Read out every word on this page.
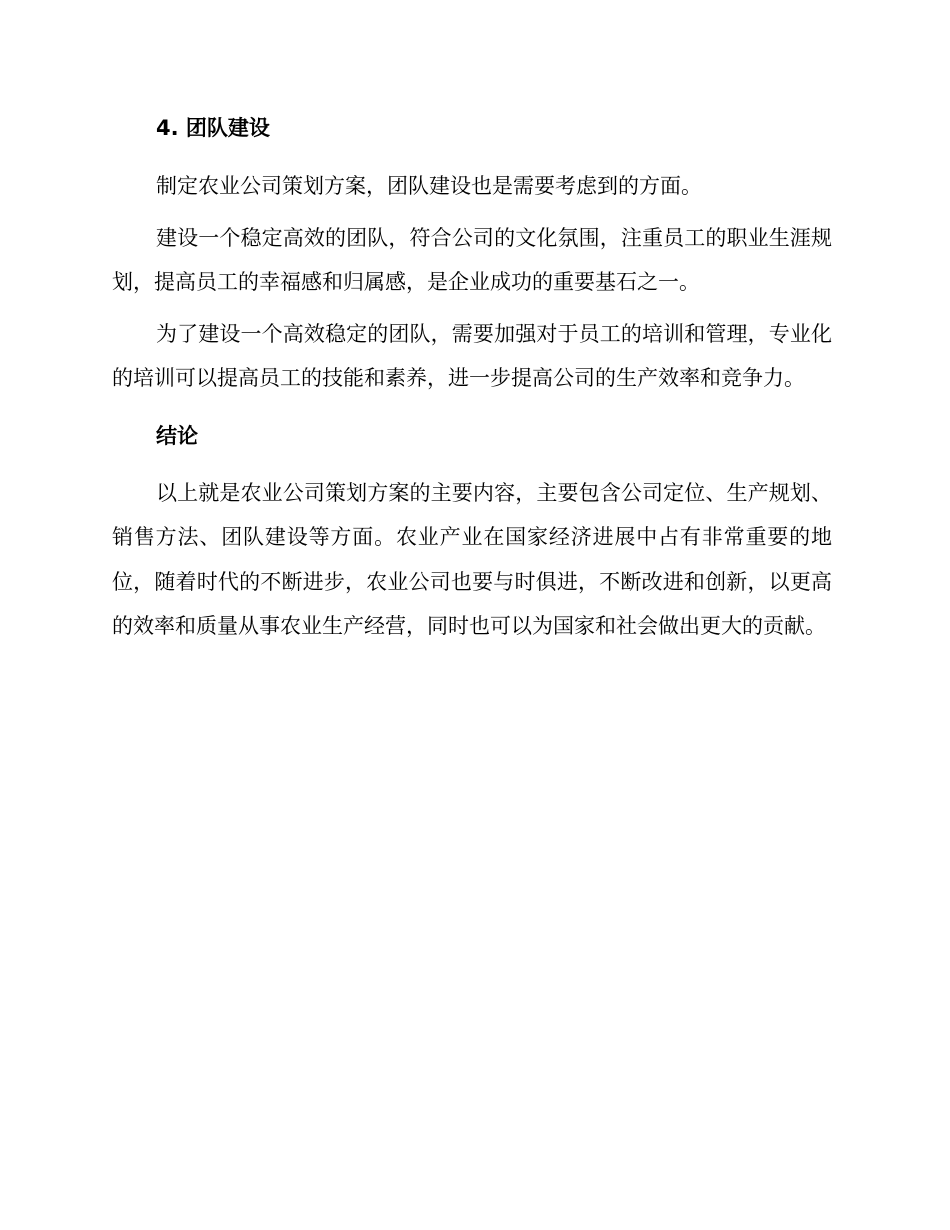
4. 团队建设

制定农业公司策划方案，团队建设也是需要考虑到的方面。

建设一个稳定高效的团队，符合公司的文化氛围，注重员工的职业生涯规划，提高员工的幸福感和归属感，是企业成功的重要基石之一。

为了建设一个高效稳定的团队，需要加强对于员工的培训和管理，专业化的培训可以提高员工的技能和素养，进一步提高公司的生产效率和竞争力。

结论

以上就是农业公司策划方案的主要内容，主要包含公司定位、生产规划、销售方法、团队建设等方面。农业产业在国家经济进展中占有非常重要的地位，随着时代的不断进步，农业公司也要与时俱进，不断改进和创新，以更高的效率和质量从事农业生产经营，同时也可以为国家和社会做出更大的贡献。
